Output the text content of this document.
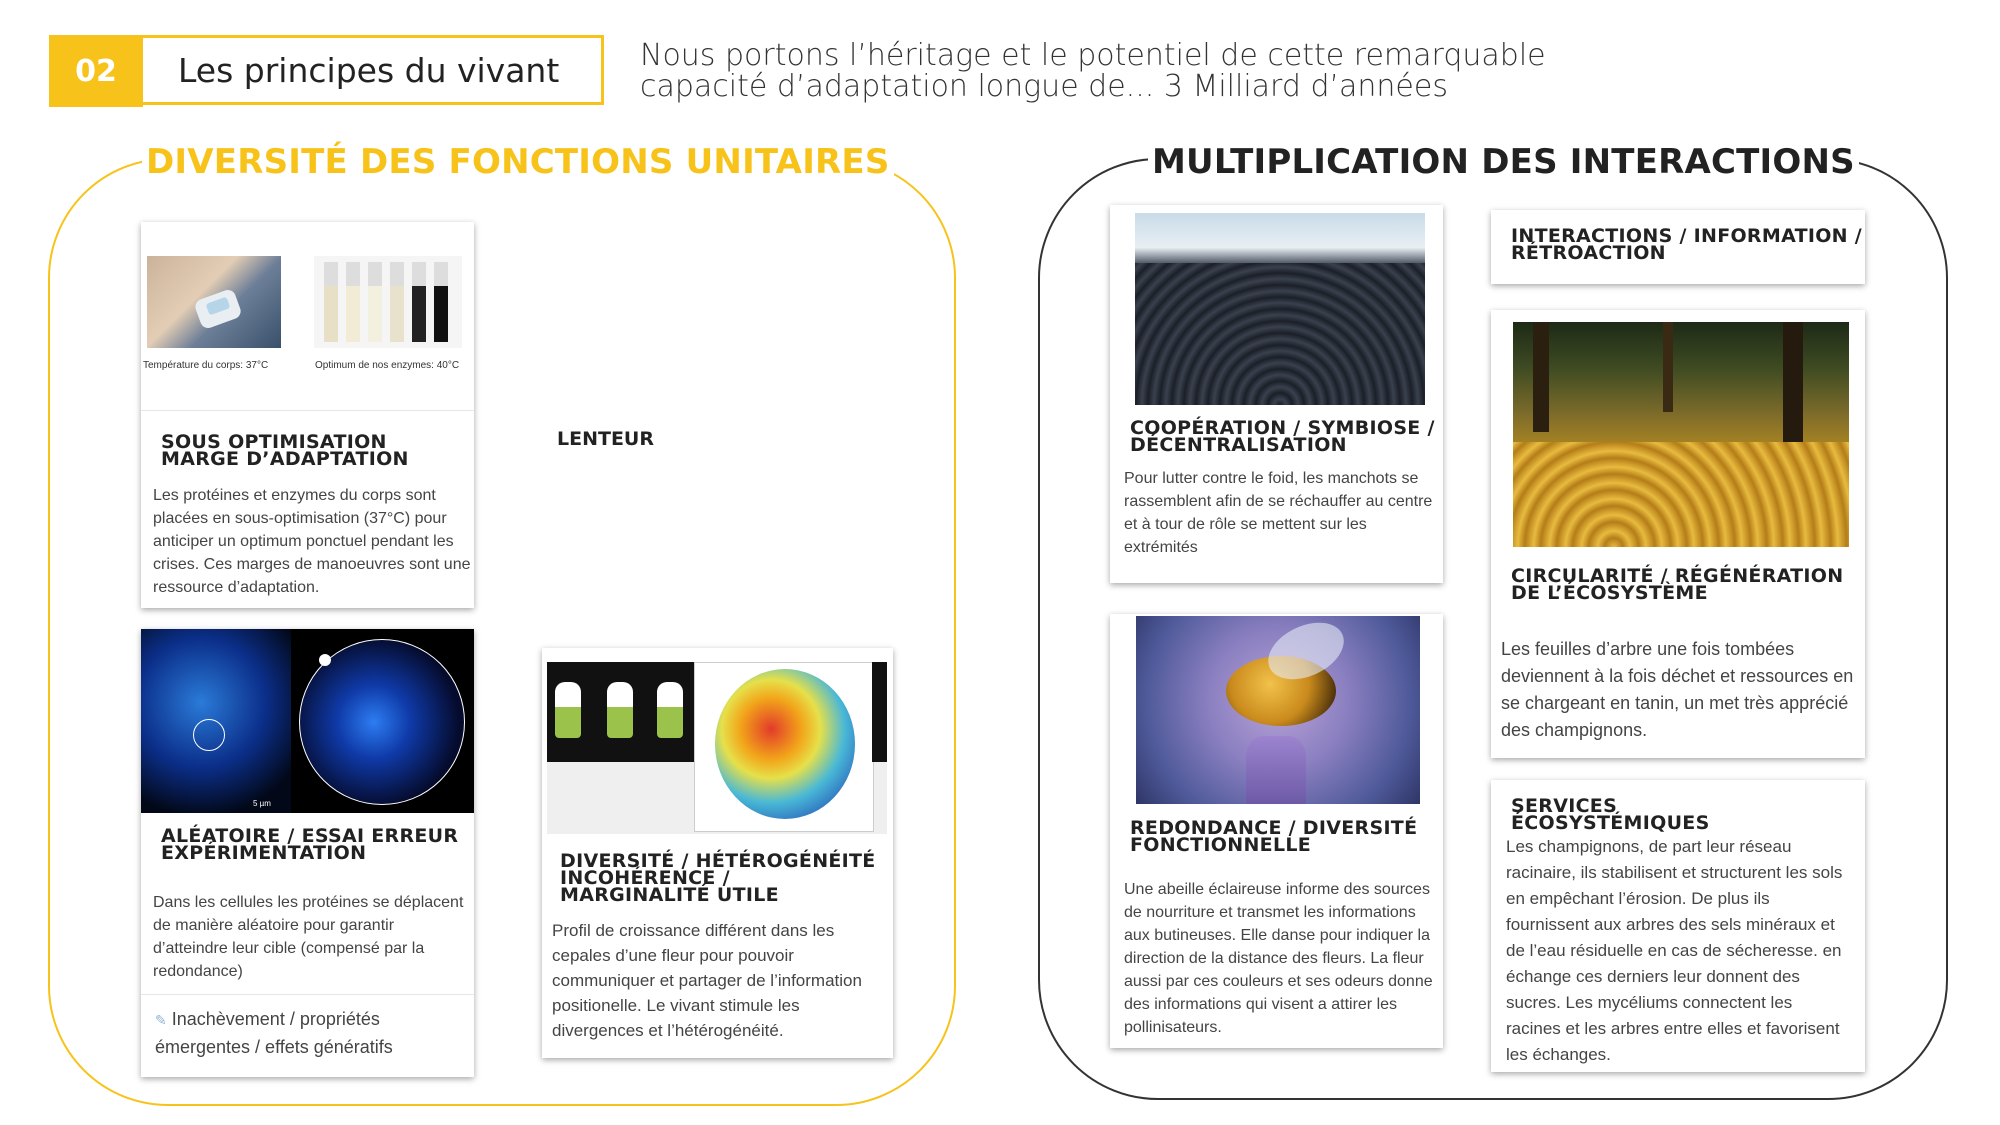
02	Les principes du vivant	Nous portons l’héritage et le potentiel de cette remarquable
capacité d’adaptation longue de... 3 Milliard d’années
DIVERSITÉ DES FONCTIONS UNITAIRES	MULTIPLICATION DES INTERACTIONS
Température du corps: 37°C	Optimum de nos enzymes: 40°C
SOUS OPTIMISATION
MARGE D’ADAPTATION
Les protéines et enzymes du corps sont
placées en sous-optimisation (37°C) pour
anticiper un optimum ponctuel pendant les
crises. Ces marges de manoeuvres sont une
ressource d’adaptation.
LENTEUR
5 µm
ALÉATOIRE / ESSAI ERREUR
EXPÉRIMENTATION
Dans les cellules les protéines se déplacent
de manière aléatoire pour garantir
d’atteindre leur cible (compensé par la
redondance)
✎ Inachèvement / propriétés
émergentes / effets génératifs
DIVERSITÉ / HÉTÉROGÉNÉITÉ
INCOHÉRENCE /
MARGINALITÉ UTILE
Profil de croissance différent dans les
cepales d’une fleur pour pouvoir
communiquer et partager de l’information
positionelle. Le vivant stimule les
divergences et l’hétérogénéité.
COOPÉRATION / SYMBIOSE /
DÉCENTRALISATION
Pour lutter contre le foid, les manchots se
rassemblent afin de se réchauffer au centre
et à tour de rôle se mettent sur les
extrémités
REDONDANCE / DIVERSITÉ
FONCTIONNELLE
Une abeille éclaireuse informe des sources
de nourriture et transmet les informations
aux butineuses. Elle danse pour indiquer la
direction de la distance des fleurs. La fleur
aussi par ces couleurs et ses odeurs donne
des informations qui visent a attirer les
pollinisateurs.
INTERACTIONS / INFORMATION /
RÉTROACTION
CIRCULARITÉ / RÉGÉNÉRATION
DE L’ÉCOSYSTÈME
Les feuilles d’arbre une fois tombées
deviennent à la fois déchet et ressources en
se chargeant en tanin, un met très apprécié
des champignons.
SERVICES
ÉCOSYSTÉMIQUES
Les champignons, de part leur réseau
racinaire, ils stabilisent et structurent les sols
en empêchant l’érosion. De plus ils
fournissent aux arbres des sels minéraux et
de l’eau résiduelle en cas de sécheresse. en
échange ces derniers leur donnent des
sucres. Les mycéliums connectent les
racines et les arbres entre elles et favorisent
les échanges.
